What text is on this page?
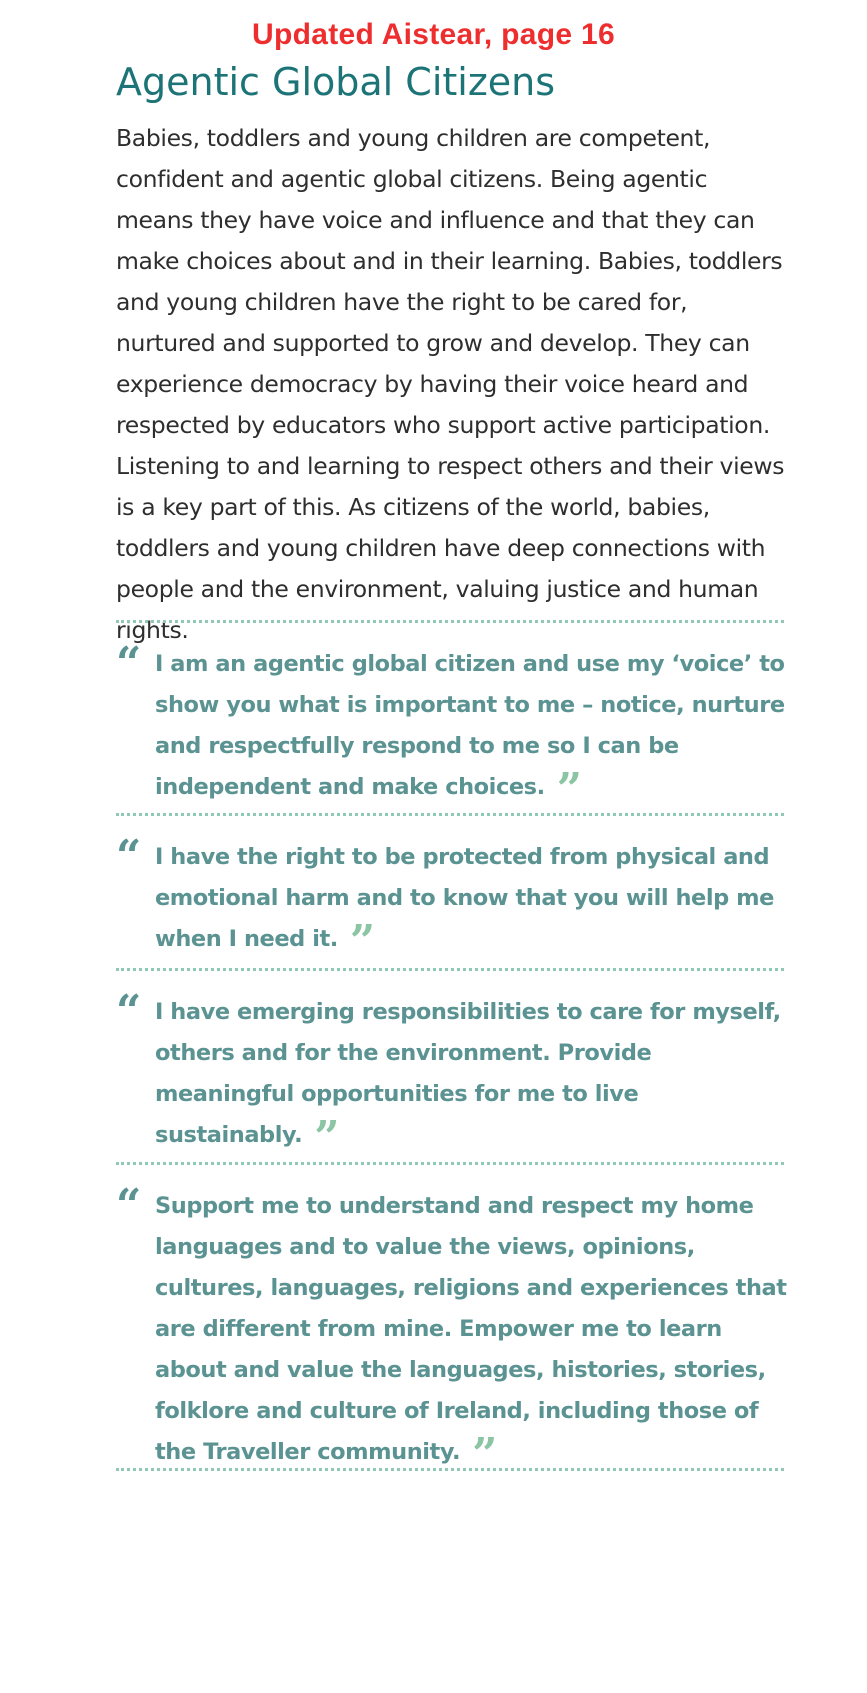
Updated Aistear, page 16
Agentic Global Citizens

Babies, toddlers and young children are competent, confident and agentic global citizens. Being agentic means they have voice and influence and that they can make choices about and in their learning. Babies, toddlers and young children have the right to be cared for, nurtured and supported to grow and develop. They can experience democracy by having their voice heard and respected by educators who support active participation. Listening to and learning to respect others and their views is a key part of this. As citizens of the world, babies, toddlers and young children have deep connections with people and the environment, valuing justice and human rights.

“ I am an agentic global citizen and use my ‘voice’ to show you what is important to me – notice, nurture and respectfully respond to me so I can be independent and make choices. ”

“ I have the right to be protected from physical and emotional harm and to know that you will help me when I need it. ”

“ I have emerging responsibilities to care for myself, others and for the environment. Provide meaningful opportunities for me to live sustainably. ”

“ Support me to understand and respect my home languages and to value the views, opinions, cultures, languages, religions and experiences that are different from mine. Empower me to learn about and value the languages, histories, stories, folklore and culture of Ireland, including those of the Traveller community. ”
